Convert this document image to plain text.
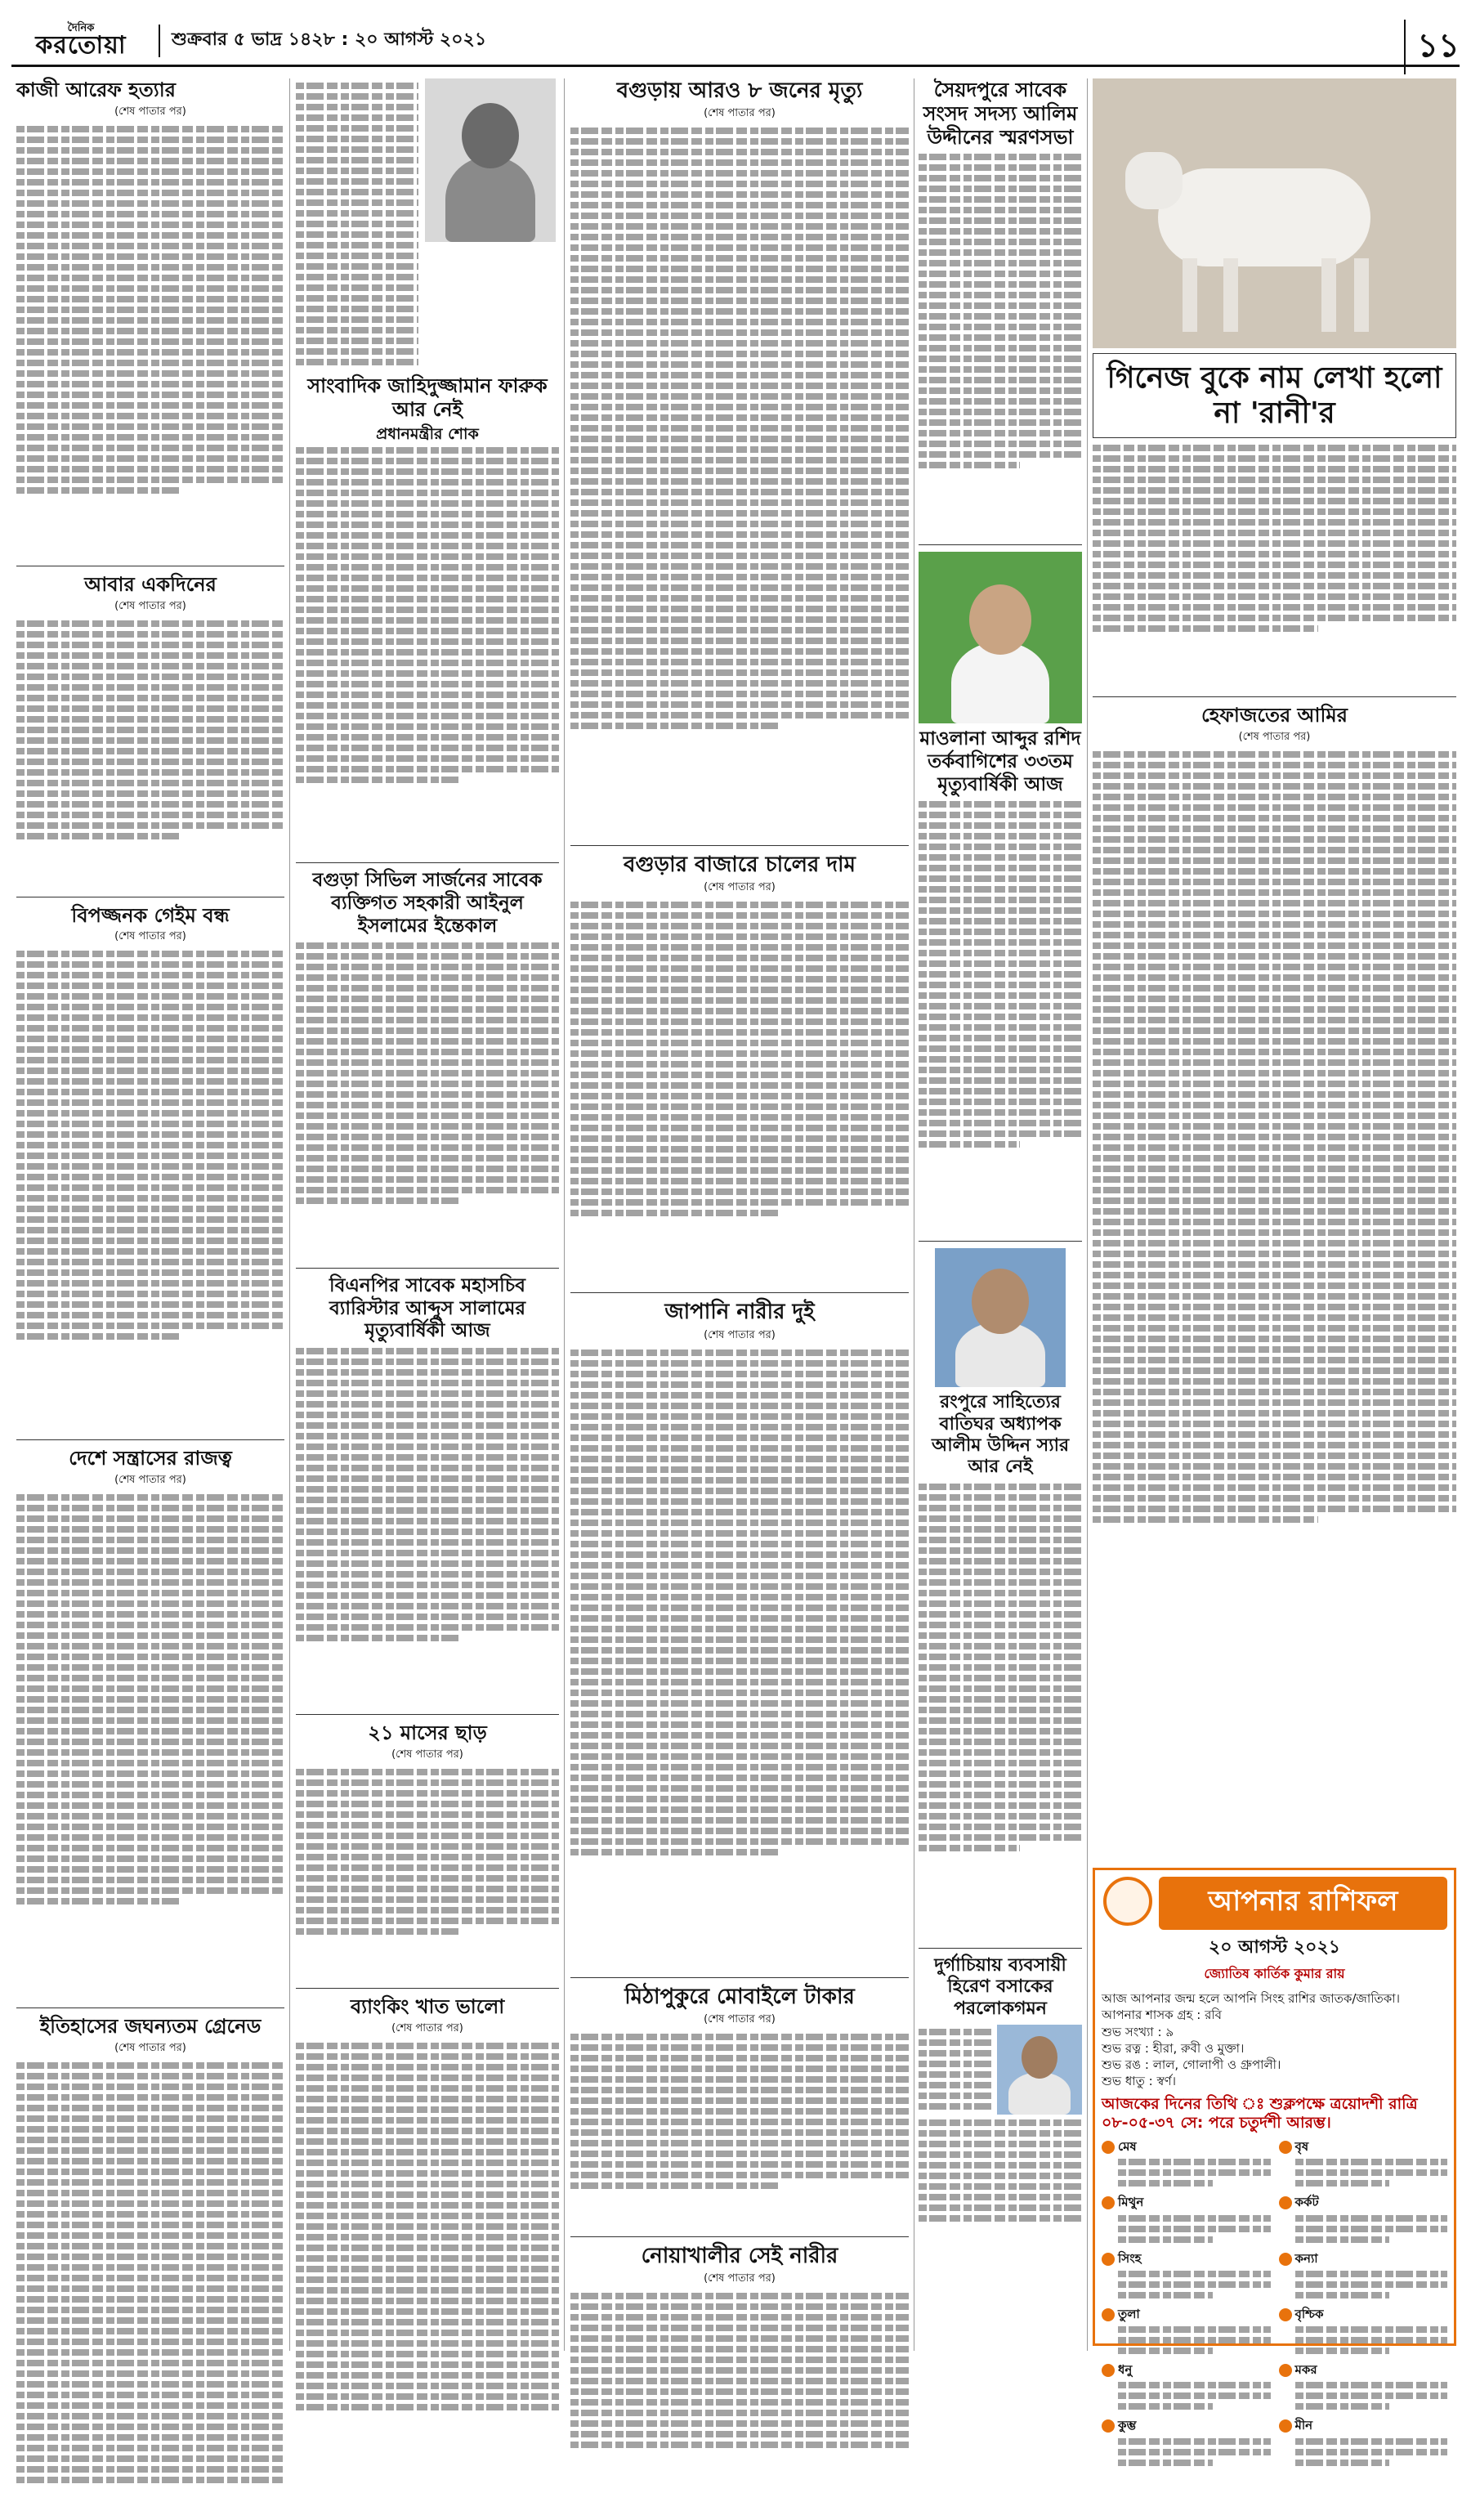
দৈনিক
করতোয়া	শুক্রবার ৫ ভাদ্র ১৪২৮ : ২০ আগস্ট ২০২১	১১
কাজী আরেফ হত্যার
(শেষ পাতার পর)
আবার একদিনের
(শেষ পাতার পর)
বিপজ্জনক গেইম বন্ধ
(শেষ পাতার পর)
দেশে সন্ত্রাসের রাজত্ব
(শেষ পাতার পর)
ইতিহাসের জঘন্যতম গ্রেনেড
(শেষ পাতার পর)
সাংবাদিক জাহিদুজ্জামান ফারুক আর নেই
প্রধানমন্ত্রীর শোক
বগুড়া সিভিল সার্জনের সাবেক ব্যক্তিগত সহকারী আইনুল ইসলামের ইন্তেকাল
বিএনপির সাবেক মহাসচিব ব্যারিস্টার আব্দুস সালামের মৃত্যুবার্ষিকী আজ
২১ মাসের ছাড়
(শেষ পাতার পর)
ব্যাংকিং খাত ভালো
(শেষ পাতার পর)
বগুড়ায় আরও ৮ জনের মৃত্যু
(শেষ পাতার পর)
বগুড়ার বাজারে চালের দাম
(শেষ পাতার পর)
জাপানি নারীর দুই
(শেষ পাতার পর)
মিঠাপুকুরে মোবাইলে টাকার
(শেষ পাতার পর)
নোয়াখালীর সেই নারীর
(শেষ পাতার পর)
সৈয়দপুরে সাবেক সংসদ সদস্য আলিম উদ্দীনের স্মরণসভা
মাওলানা আব্দুর রশিদ তর্কবাগিশের ৩৩তম মৃত্যুবার্ষিকী আজ
রংপুরে সাহিত্যের বাতিঘর অধ্যাপক আলীম উদ্দিন স্যার আর নেই
দুর্গাচিয়ায় ব্যবসায়ী হিরেণ বসাকের পরলোকগমন
গিনেজ বুকে নাম লেখা হলো না 'রানী'র
হেফাজতের আমির
(শেষ পাতার পর)
আপনার রাশিফল
২০ আগস্ট ২০২১
জ্যোতিষ কার্তিক কুমার রায়
আজ আপনার জন্ম হলে আপনি সিংহ রাশির জাতক/জাতিকা।
আপনার শাসক গ্রহ : রবি
শুভ সংখ্যা : ৯
শুভ রত্ন : হীরা, রুবী ও মুক্তা।
শুভ রঙ : লাল, গোলাপী ও গ্রুপালী।
শুভ ধাতু : স্বর্ণ।
আজকের দিনের তিথি ঃ শুক্লপক্ষে ত্রয়োদশী রাত্রি ০৮-০৫-৩৭ সে: পরে চতুর্দশী আরম্ভ।
মেষ	বৃষ
মিথুন	কর্কট
সিংহ	কন্যা
তুলা	বৃশ্চিক
ধনু	মকর
কুম্ভ	মীন
